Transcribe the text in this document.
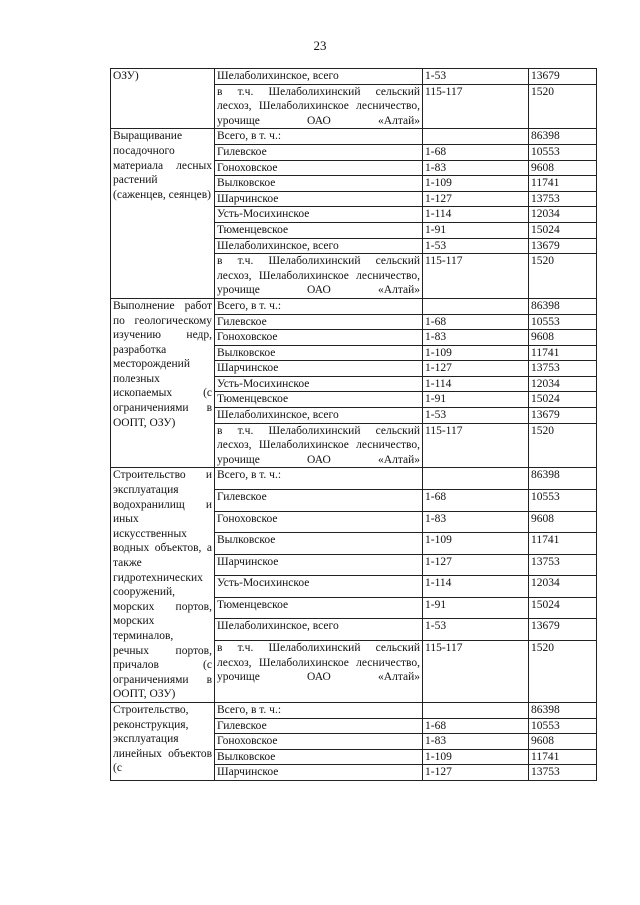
23
ОЗУ)	Шелаболихинское, всего	1-53	13679
	в т.ч. Шелаболихинский сельский лесхоз, Шелаболихинское лесничество, урочище ОАО «Алтай»	115-117	1520
Выращивание посадочного материала лесных растений (саженцев, сеянцев)	Всего, в т. ч.:		86398
	Гилевское	1-68	10553
	Гоноховское	1-83	9608
	Вылковское	1-109	11741
	Шарчинское	1-127	13753
	Усть-Мосихинское	1-114	12034
	Тюменцевское	1-91	15024
	Шелаболихинское, всего	1-53	13679
	в т.ч. Шелаболихинский сельский лесхоз, Шелаболихинское лесничество, урочище ОАО «Алтай»	115-117	1520
Выполнение работ по геологическому изучению недр, разработка месторождений полезных ископаемых (с ограничениями в ООПТ, ОЗУ)	Всего, в т. ч.:		86398
	Гилевское	1-68	10553
	Гоноховское	1-83	9608
	Вылковское	1-109	11741
	Шарчинское	1-127	13753
	Усть-Мосихинское	1-114	12034
	Тюменцевское	1-91	15024
	Шелаболихинское, всего	1-53	13679
	в т.ч. Шелаболихинский сельский лесхоз, Шелаболихинское лесничество, урочище ОАО «Алтай»	115-117	1520
Строительство и эксплуатация водохранилищ и иных искусственных водных объектов, а также гидротехнических сооружений, морских портов, морских терминалов, речных портов, причалов (с ограничениями в ООПТ, ОЗУ)	Всего, в т. ч.:		86398
	Гилевское	1-68	10553
	Гоноховское	1-83	9608
	Вылковское	1-109	11741
	Шарчинское	1-127	13753
	Усть-Мосихинское	1-114	12034
	Тюменцевское	1-91	15024
	Шелаболихинское, всего	1-53	13679
	в т.ч. Шелаболихинский сельский лесхоз, Шелаболихинское лесничество, урочище ОАО «Алтай»	115-117	1520
Строительство, реконструкция, эксплуатация линейных объектов (с	Всего, в т. ч.:		86398
	Гилевское	1-68	10553
	Гоноховское	1-83	9608
	Вылковское	1-109	11741
	Шарчинское	1-127	13753
